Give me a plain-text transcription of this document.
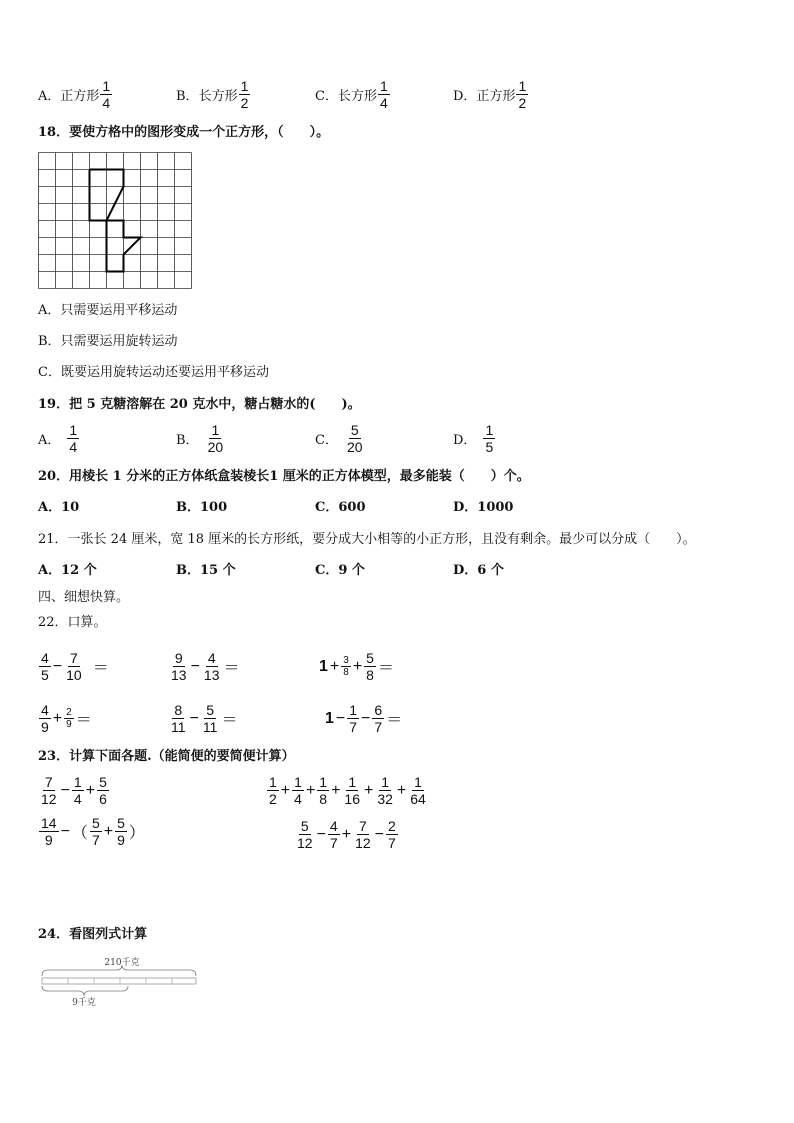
A． 正方形 $\frac{1}{4}$	B． 长方形 $\frac{1}{2}$	C． 长方形 $\frac{1}{4}$	D． 正方形 $\frac{1}{2}$
18．要使方格中的图形变成一个正方形，（　　）。
A．只需要运用平移运动
B．只需要运用旋转运动
C．既要运用旋转运动还要运用平移运动
19．把 5 克糖溶解在 20 克水中，糖占糖水的(　　)。
A． $\frac{1}{4}$	B． $\frac{1}{20}$	C． $\frac{5}{20}$	D． $\frac{1}{5}$
20．用棱长 1 分米的正方体纸盒装棱长1 厘米的正方体模型，最多能装（　　）个。
A．10	B．100	C．600	D．1000
21．一张长 24 厘米，宽 18 厘米的长方形纸，要分成大小相等的小正方形，且没有剩余。最少可以分成（　　）。
A．12 个	B．15 个	C．9 个	D．6 个
四、细想快算。
22．口算。
$\frac{4}{5} - \frac{7}{10}$ ＝	$\frac{9}{13} - \frac{4}{13}$ ＝	$1 + \frac{3}{8} + \frac{5}{8}$ ＝
$\frac{4}{9} + \frac{2}{9}$ ＝	$\frac{8}{11} - \frac{5}{11}$ ＝	$1 - \frac{1}{7} - \frac{6}{7}$ ＝
23．计算下面各题.（能简便的要简便计算）
$\frac{7}{12} - \frac{1}{4} + \frac{5}{6}$	$\frac{1}{2} + \frac{1}{4} + \frac{1}{8} + \frac{1}{16} + \frac{1}{32} + \frac{1}{64}$
$\frac{14}{9}$ − （ $\frac{5}{7} + \frac{5}{9}$ ）	$\frac{5}{12} - \frac{4}{7} + \frac{7}{12} - \frac{2}{7}$
24．看图列式计算
210千克
9千克
